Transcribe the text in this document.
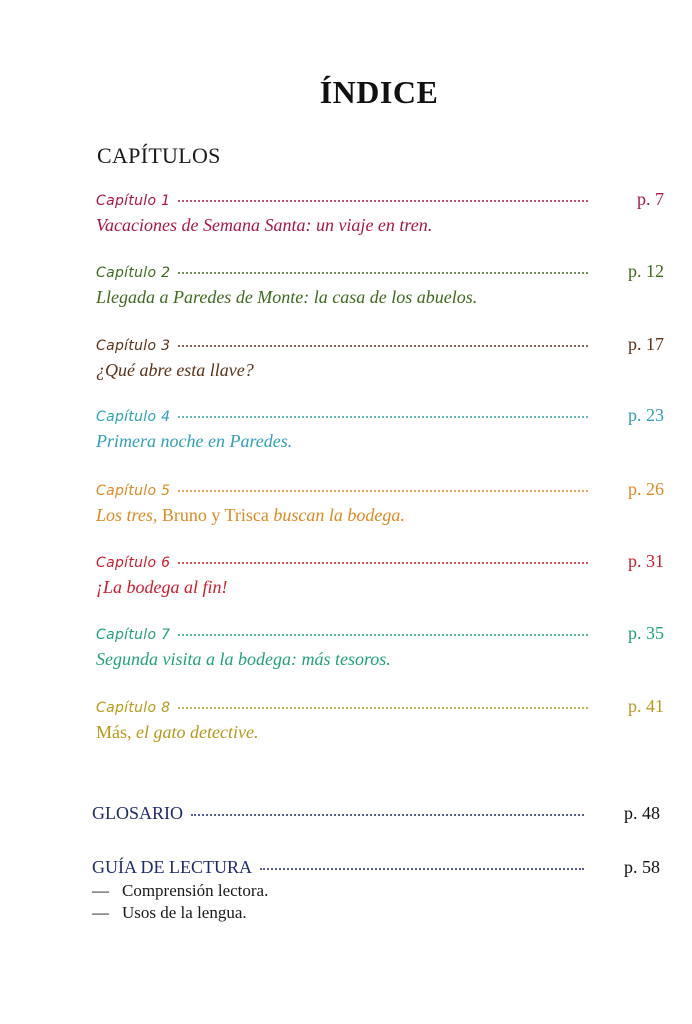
ÍNDICE
CAPÍTULOS
Capítulo 1	p. 7
Vacaciones de Semana Santa: un viaje en tren.
Capítulo 2	p. 12
Llegada a Paredes de Monte: la casa de los abuelos.
Capítulo 3	p. 17
¿Qué abre esta llave?
Capítulo 4	p. 23
Primera noche en Paredes.
Capítulo 5	p. 26
Los tres, Bruno y Trisca buscan la bodega.
Capítulo 6	p. 31
¡La bodega al fin!
Capítulo 7	p. 35
Segunda visita a la bodega: más tesoros.
Capítulo 8	p. 41
Más, el gato detective.
GLOSARIO	p. 48
GUÍA DE LECTURA	p. 58
— Comprensión lectora.
— Usos de la lengua.
